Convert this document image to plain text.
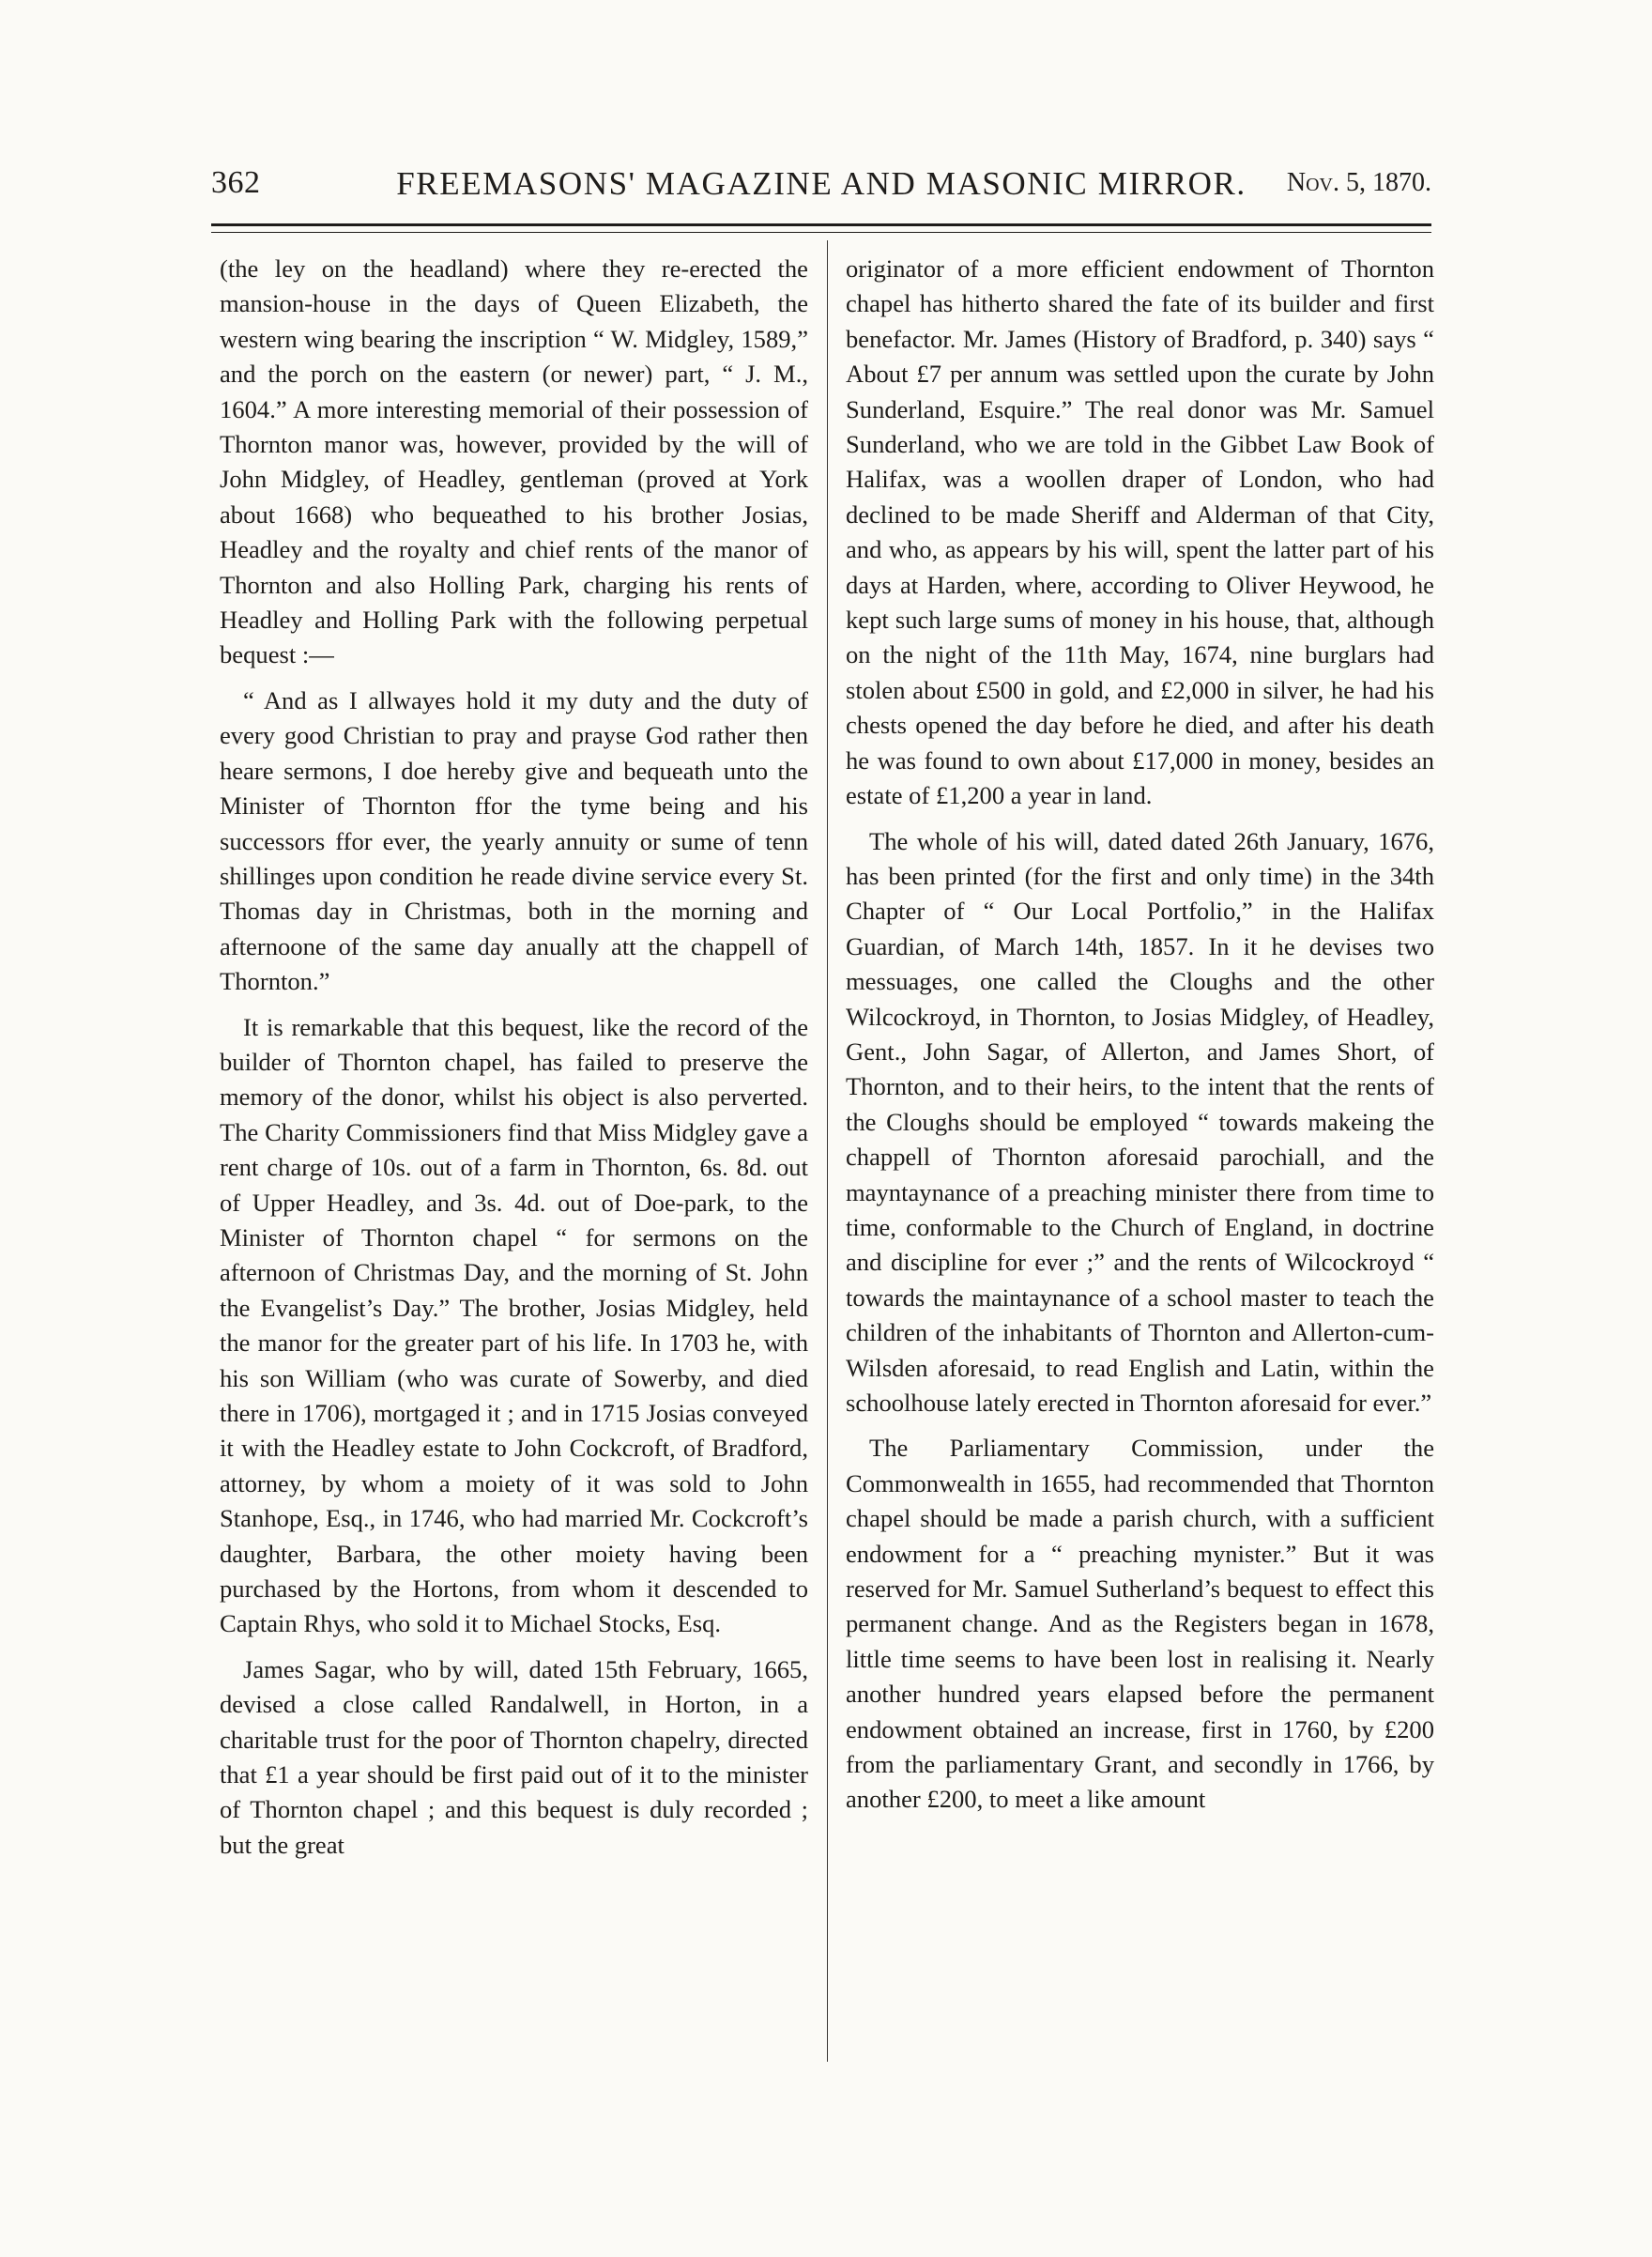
362	FREEMASONS' MAGAZINE AND MASONIC MIRROR.	Nov. 5, 1870.

(the ley on the headland) where they re-erected the mansion-house in the days of Queen Elizabeth, the western wing bearing the inscription “ W. Midgley, 1589,” and the porch on the eastern (or newer) part, “ J. M., 1604.” A more interesting memorial of their possession of Thornton manor was, however, provided by the will of John Midgley, of Headley, gentleman (proved at York about 1668) who bequeathed to his brother Josias, Headley and the royalty and chief rents of the manor of Thornton and also Holling Park, charging his rents of Headley and Holling Park with the following perpetual bequest :—

“ And as I allwayes hold it my duty and the duty of every good Christian to pray and prayse God rather then heare sermons, I doe hereby give and bequeath unto the Minister of Thornton ffor the tyme being and his successors ffor ever, the yearly annuity or sume of tenn shillinges upon condition he reade divine service every St. Thomas day in Christmas, both in the morning and afternoone of the same day anually att the chappell of Thornton.”

It is remarkable that this bequest, like the record of the builder of Thornton chapel, has failed to preserve the memory of the donor, whilst his object is also perverted. The Charity Commissioners find that Miss Midgley gave a rent charge of 10s. out of a farm in Thornton, 6s. 8d. out of Upper Headley, and 3s. 4d. out of Doe-park, to the Minister of Thornton chapel “ for sermons on the afternoon of Christmas Day, and the morning of St. John the Evangelist’s Day.” The brother, Josias Midgley, held the manor for the greater part of his life. In 1703 he, with his son William (who was curate of Sowerby, and died there in 1706), mortgaged it ; and in 1715 Josias conveyed it with the Headley estate to John Cockcroft, of Bradford, attorney, by whom a moiety of it was sold to John Stanhope, Esq., in 1746, who had married Mr. Cockcroft’s daughter, Barbara, the other moiety having been purchased by the Hortons, from whom it descended to Captain Rhys, who sold it to Michael Stocks, Esq.

James Sagar, who by will, dated 15th February, 1665, devised a close called Randalwell, in Horton, in a charitable trust for the poor of Thornton chapelry, directed that £1 a year should be first paid out of it to the minister of Thornton chapel ; and this bequest is duly recorded ; but the great

originator of a more efficient endowment of Thornton chapel has hitherto shared the fate of its builder and first benefactor. Mr. James (History of Bradford, p. 340) says “ About £7 per annum was settled upon the curate by John Sunderland, Esquire.” The real donor was Mr. Samuel Sunderland, who we are told in the Gibbet Law Book of Halifax, was a woollen draper of London, who had declined to be made Sheriff and Alderman of that City, and who, as appears by his will, spent the latter part of his days at Harden, where, according to Oliver Heywood, he kept such large sums of money in his house, that, although on the night of the 11th May, 1674, nine burglars had stolen about £500 in gold, and £2,000 in silver, he had his chests opened the day before he died, and after his death he was found to own about £17,000 in money, besides an estate of £1,200 a year in land.

The whole of his will, dated dated 26th January, 1676, has been printed (for the first and only time) in the 34th Chapter of “ Our Local Portfolio,” in the Halifax Guardian, of March 14th, 1857. In it he devises two messuages, one called the Cloughs and the other Wilcockroyd, in Thornton, to Josias Midgley, of Headley, Gent., John Sagar, of Allerton, and James Short, of Thornton, and to their heirs, to the intent that the rents of the Cloughs should be employed “ towards makeing the chappell of Thornton aforesaid parochiall, and the mayntaynance of a preaching minister there from time to time, conformable to the Church of England, in doctrine and discipline for ever ;” and the rents of Wilcockroyd “ towards the maintaynance of a school master to teach the children of the inhabitants of Thornton and Allerton-cum-Wilsden aforesaid, to read English and Latin, within the schoolhouse lately erected in Thornton aforesaid for ever.”

The Parliamentary Commission, under the Commonwealth in 1655, had recommended that Thornton chapel should be made a parish church, with a sufficient endowment for a “ preaching mynister.” But it was reserved for Mr. Samuel Sutherland’s bequest to effect this permanent change. And as the Registers began in 1678, little time seems to have been lost in realising it. Nearly another hundred years elapsed before the permanent endowment obtained an increase, first in 1760, by £200 from the parliamentary Grant, and secondly in 1766, by another £200, to meet a like amount
